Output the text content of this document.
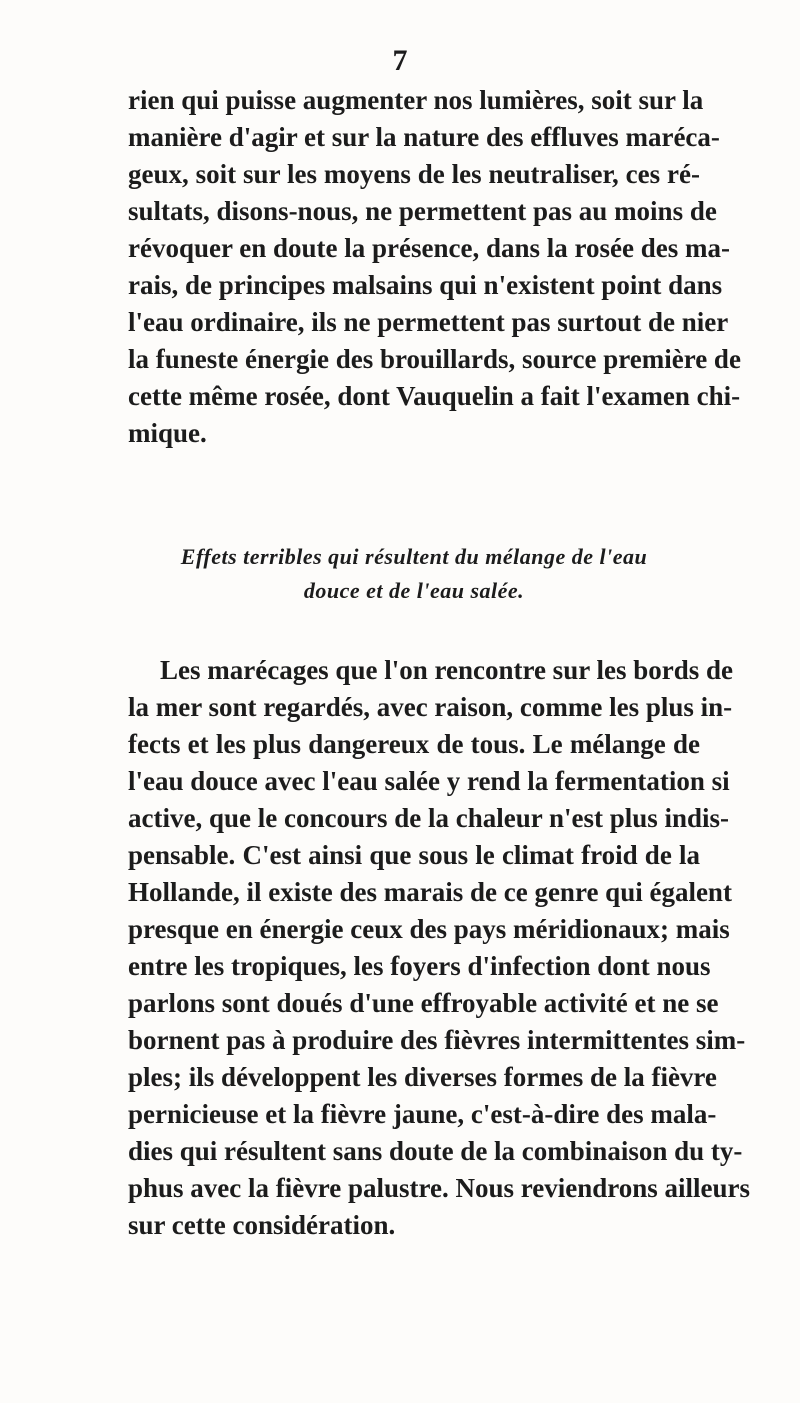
7
rien qui puisse augmenter nos lumières, soit sur la
manière d'agir et sur la nature des effluves maréca-
geux, soit sur les moyens de les neutraliser, ces ré-
sultats, disons-nous, ne permettent pas au moins de
révoquer en doute la présence, dans la rosée des ma-
rais, de principes malsains qui n'existent point dans
l'eau ordinaire, ils ne permettent pas surtout de nier
la funeste énergie des brouillards, source première de
cette même rosée, dont Vauquelin a fait l'examen chi-
mique.
Effets terribles qui résultent du mélange de l'eau
douce et de l'eau salée.
Les marécages que l'on rencontre sur les bords de
la mer sont regardés, avec raison, comme les plus in-
fects et les plus dangereux de tous. Le mélange de
l'eau douce avec l'eau salée y rend la fermentation si
active, que le concours de la chaleur n'est plus indis-
pensable. C'est ainsi que sous le climat froid de la
Hollande, il existe des marais de ce genre qui égalent
presque en énergie ceux des pays méridionaux; mais
entre les tropiques, les foyers d'infection dont nous
parlons sont doués d'une effroyable activité et ne se
bornent pas à produire des fièvres intermittentes sim-
ples; ils développent les diverses formes de la fièvre
pernicieuse et la fièvre jaune, c'est-à-dire des mala-
dies qui résultent sans doute de la combinaison du ty-
phus avec la fièvre palustre. Nous reviendrons ailleurs
sur cette considération.
